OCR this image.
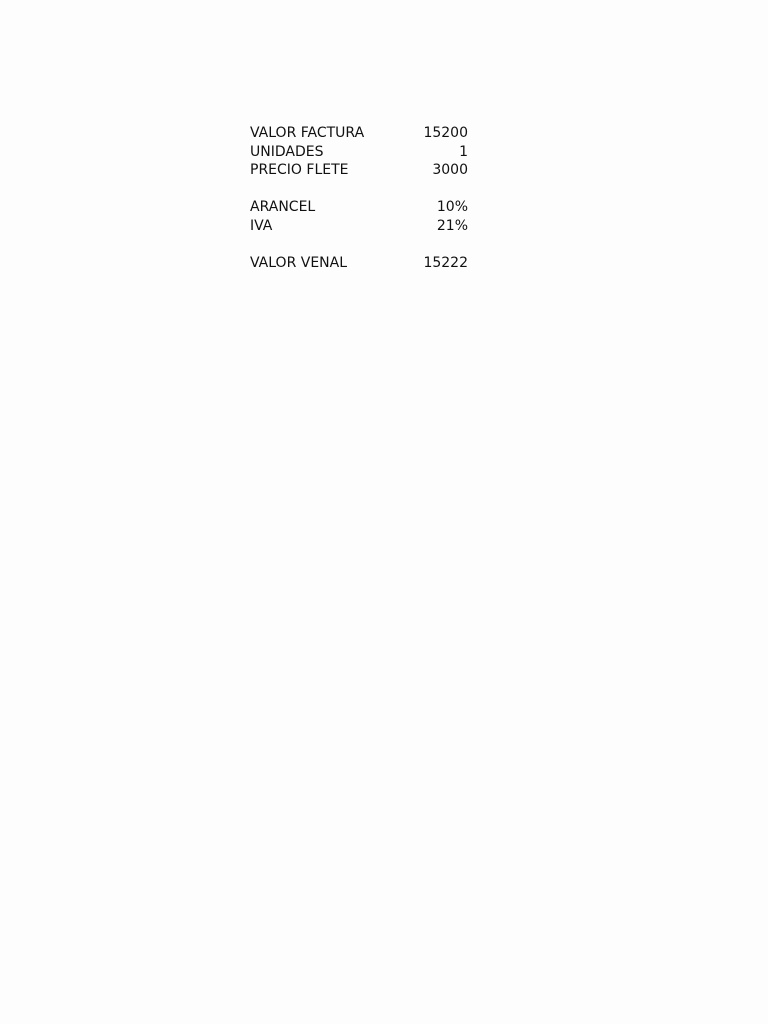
VALOR FACTURA	15200
UNIDADES	1
PRECIO FLETE	3000
ARANCEL	10%
IVA	21%
VALOR VENAL	15222
